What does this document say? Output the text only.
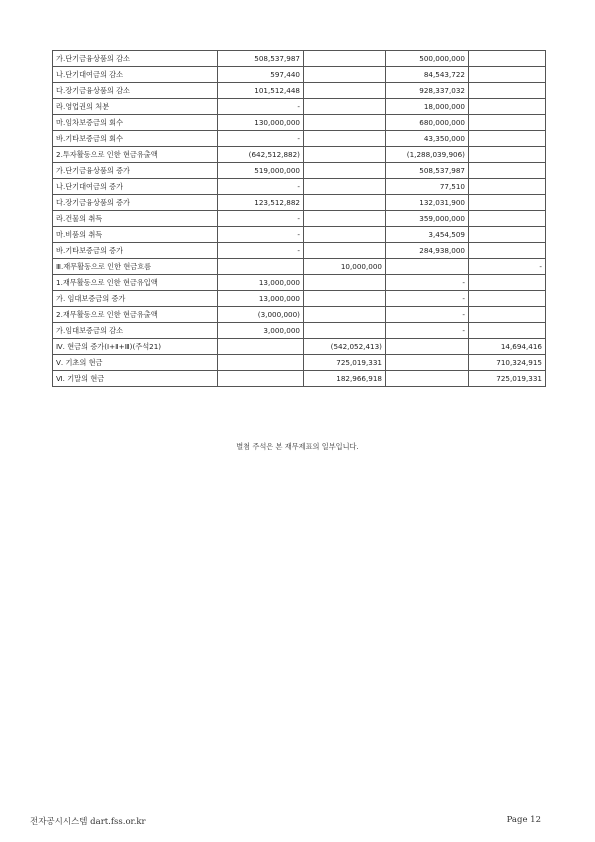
가.단기금융상품의 감소	508,537,987		500,000,000	
나.단기대여금의 감소	597,440		84,543,722	
다.장기금융상품의 감소	101,512,448		928,337,032	
라.영업권의 처분	-		18,000,000	
마.임차보증금의 회수	130,000,000		680,000,000	
바.기타보증금의 회수	-		43,350,000	
2.투자활동으로 인한 현금유출액	(642,512,882)		(1,288,039,906)	
가.단기금융상품의 증가	519,000,000		508,537,987	
나.단기대여금의 증가	-		77,510	
다.장기금융상품의 증가	123,512,882		132,031,900	
라.건물의 취득	-		359,000,000	
마.비품의 취득	-		3,454,509	
바.기타보증금의 증가	-		284,938,000	
Ⅲ.재무활동으로 인한 현금흐름		10,000,000		-
1.재무활동으로 인한 현금유입액	13,000,000		-	
가. 임대보증금의 증가	13,000,000		-	
2.재무활동으로 인한 현금유출액	(3,000,000)		-	
가.임대보증금의 감소	3,000,000		-	
Ⅳ. 현금의 증가(Ⅰ+Ⅱ+Ⅲ)(주석21)		(542,052,413)		14,694,416
Ⅴ. 기초의 현금		725,019,331		710,324,915
Ⅵ. 기말의 현금		182,966,918		725,019,331
별첨 주석은 본 재무제표의 일부입니다.
전자공시시스템 dart.fss.or.kr	Page 12
